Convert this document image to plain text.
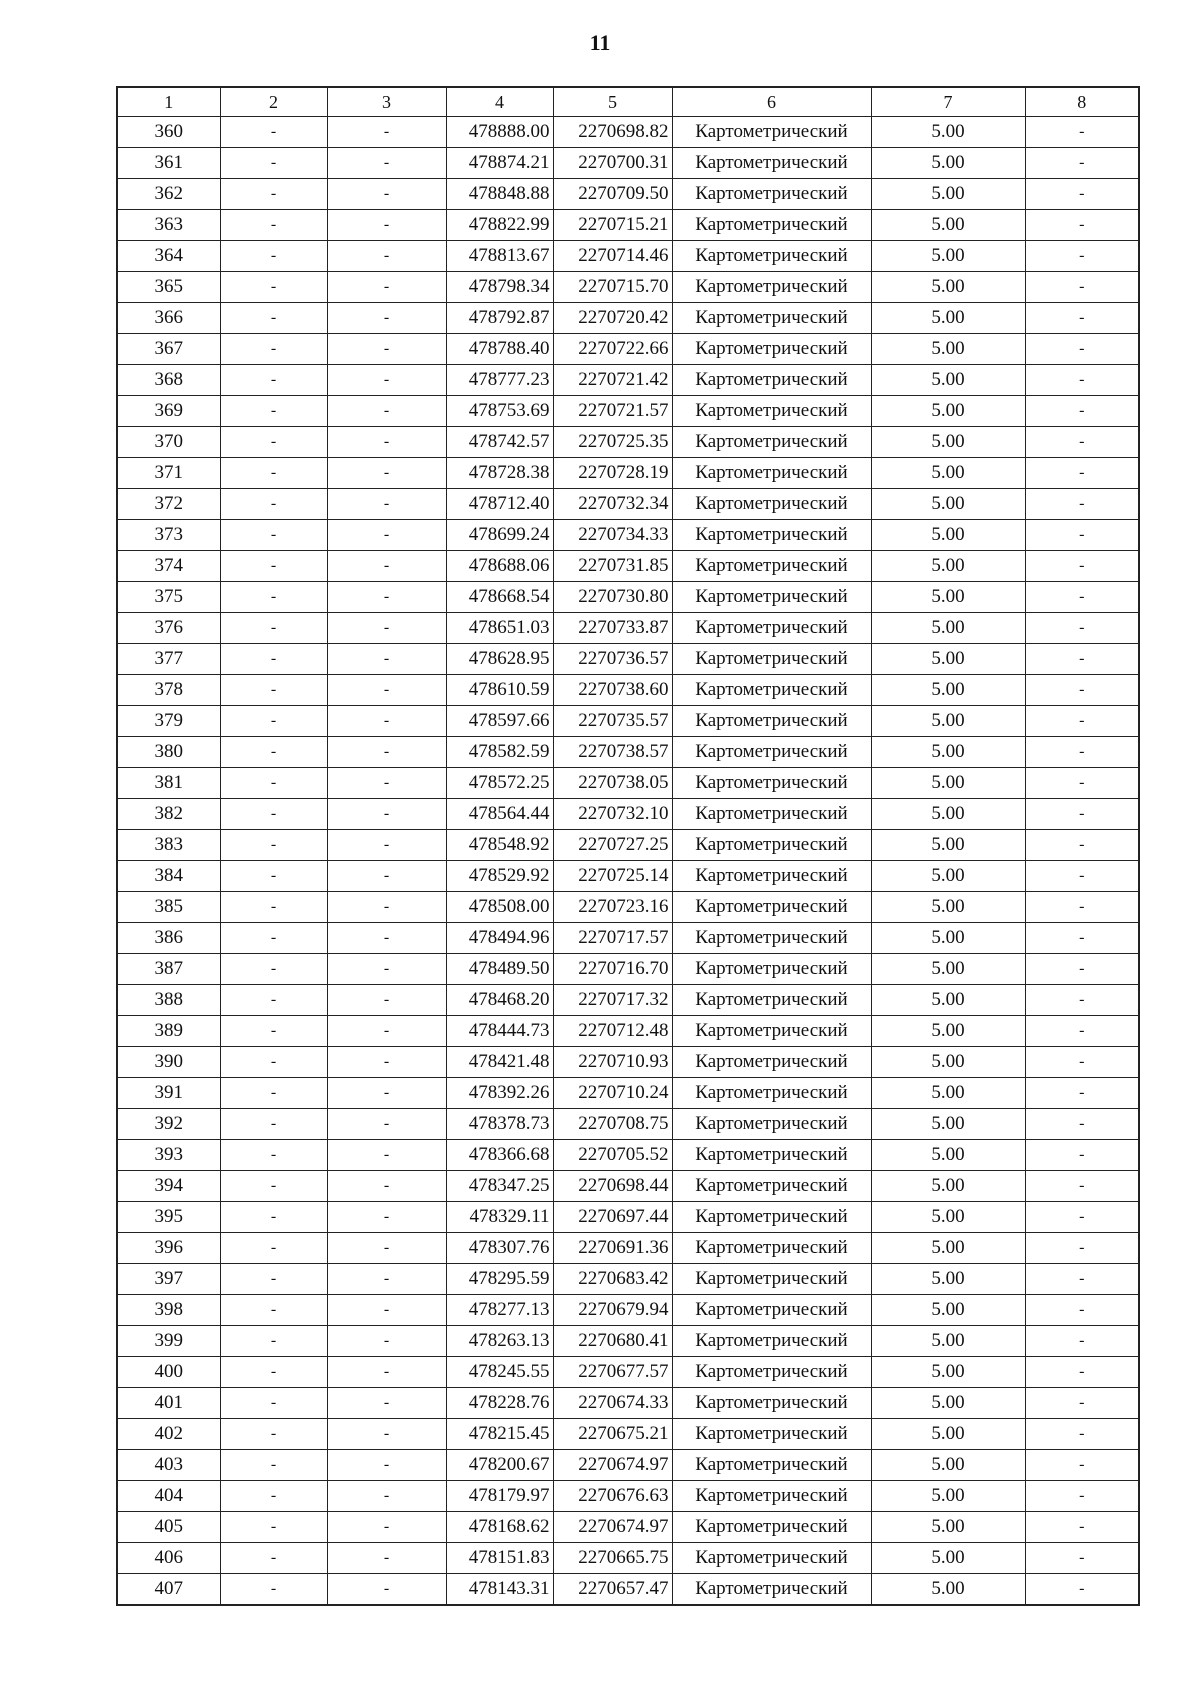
11
1	2	3	4	5	6	7	8
360	-	-	478888.00	2270698.82	Картометрический	5.00	-
361	-	-	478874.21	2270700.31	Картометрический	5.00	-
362	-	-	478848.88	2270709.50	Картометрический	5.00	-
363	-	-	478822.99	2270715.21	Картометрический	5.00	-
364	-	-	478813.67	2270714.46	Картометрический	5.00	-
365	-	-	478798.34	2270715.70	Картометрический	5.00	-
366	-	-	478792.87	2270720.42	Картометрический	5.00	-
367	-	-	478788.40	2270722.66	Картометрический	5.00	-
368	-	-	478777.23	2270721.42	Картометрический	5.00	-
369	-	-	478753.69	2270721.57	Картометрический	5.00	-
370	-	-	478742.57	2270725.35	Картометрический	5.00	-
371	-	-	478728.38	2270728.19	Картометрический	5.00	-
372	-	-	478712.40	2270732.34	Картометрический	5.00	-
373	-	-	478699.24	2270734.33	Картометрический	5.00	-
374	-	-	478688.06	2270731.85	Картометрический	5.00	-
375	-	-	478668.54	2270730.80	Картометрический	5.00	-
376	-	-	478651.03	2270733.87	Картометрический	5.00	-
377	-	-	478628.95	2270736.57	Картометрический	5.00	-
378	-	-	478610.59	2270738.60	Картометрический	5.00	-
379	-	-	478597.66	2270735.57	Картометрический	5.00	-
380	-	-	478582.59	2270738.57	Картометрический	5.00	-
381	-	-	478572.25	2270738.05	Картометрический	5.00	-
382	-	-	478564.44	2270732.10	Картометрический	5.00	-
383	-	-	478548.92	2270727.25	Картометрический	5.00	-
384	-	-	478529.92	2270725.14	Картометрический	5.00	-
385	-	-	478508.00	2270723.16	Картометрический	5.00	-
386	-	-	478494.96	2270717.57	Картометрический	5.00	-
387	-	-	478489.50	2270716.70	Картометрический	5.00	-
388	-	-	478468.20	2270717.32	Картометрический	5.00	-
389	-	-	478444.73	2270712.48	Картометрический	5.00	-
390	-	-	478421.48	2270710.93	Картометрический	5.00	-
391	-	-	478392.26	2270710.24	Картометрический	5.00	-
392	-	-	478378.73	2270708.75	Картометрический	5.00	-
393	-	-	478366.68	2270705.52	Картометрический	5.00	-
394	-	-	478347.25	2270698.44	Картометрический	5.00	-
395	-	-	478329.11	2270697.44	Картометрический	5.00	-
396	-	-	478307.76	2270691.36	Картометрический	5.00	-
397	-	-	478295.59	2270683.42	Картометрический	5.00	-
398	-	-	478277.13	2270679.94	Картометрический	5.00	-
399	-	-	478263.13	2270680.41	Картометрический	5.00	-
400	-	-	478245.55	2270677.57	Картометрический	5.00	-
401	-	-	478228.76	2270674.33	Картометрический	5.00	-
402	-	-	478215.45	2270675.21	Картометрический	5.00	-
403	-	-	478200.67	2270674.97	Картометрический	5.00	-
404	-	-	478179.97	2270676.63	Картометрический	5.00	-
405	-	-	478168.62	2270674.97	Картометрический	5.00	-
406	-	-	478151.83	2270665.75	Картометрический	5.00	-
407	-	-	478143.31	2270657.47	Картометрический	5.00	-
